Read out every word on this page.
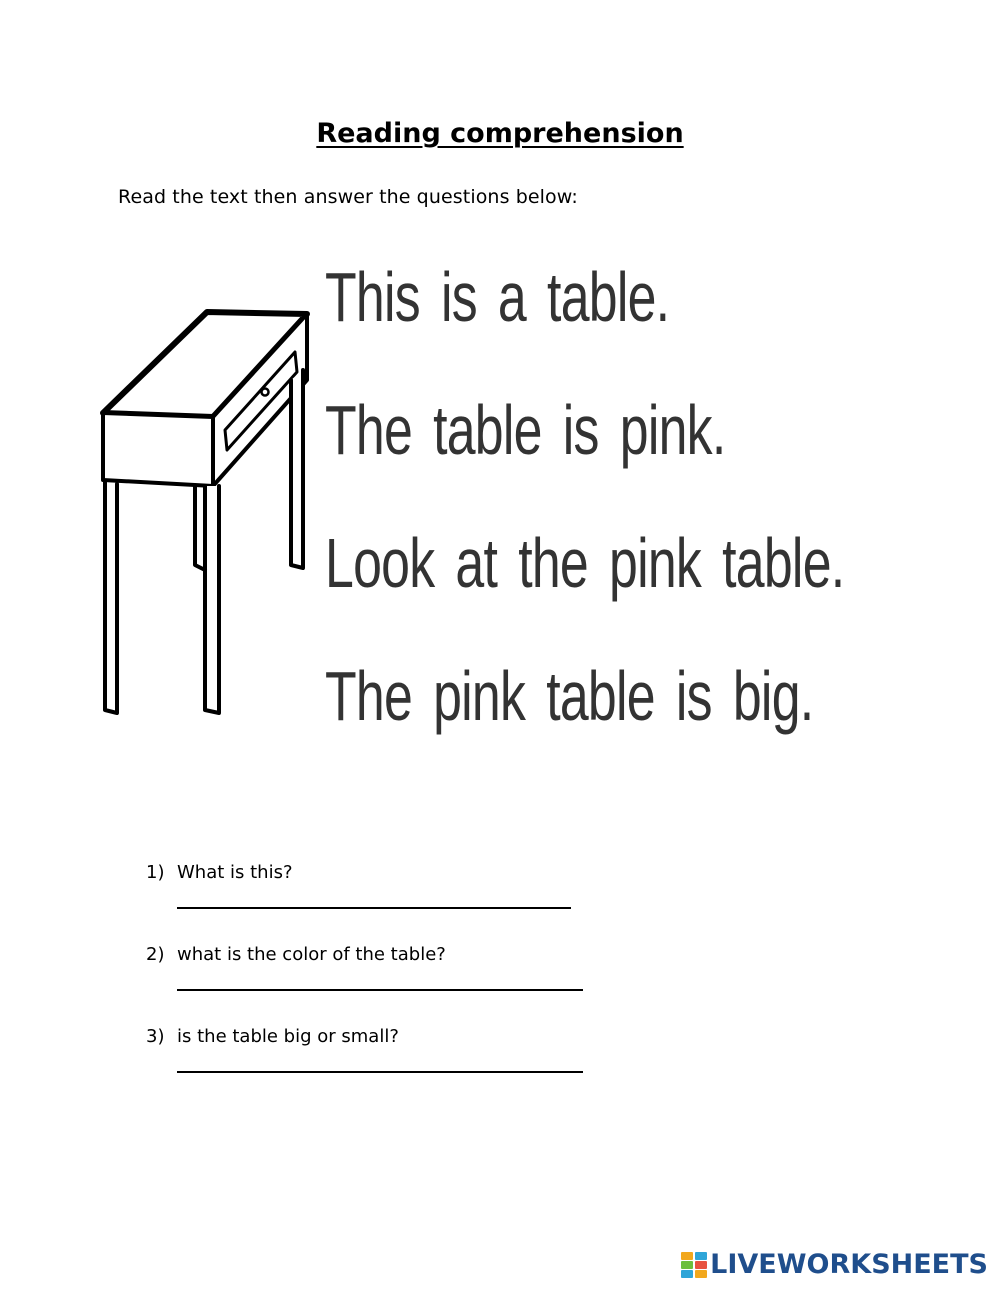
Reading comprehension
Read the text then answer the questions below:
This is a table.
The table is pink.
Look at the pink table.
The pink table is big.
1) What is this?
2) what is the color of the table?
3) is the table big or small?
LIVEWORKSHEETS
